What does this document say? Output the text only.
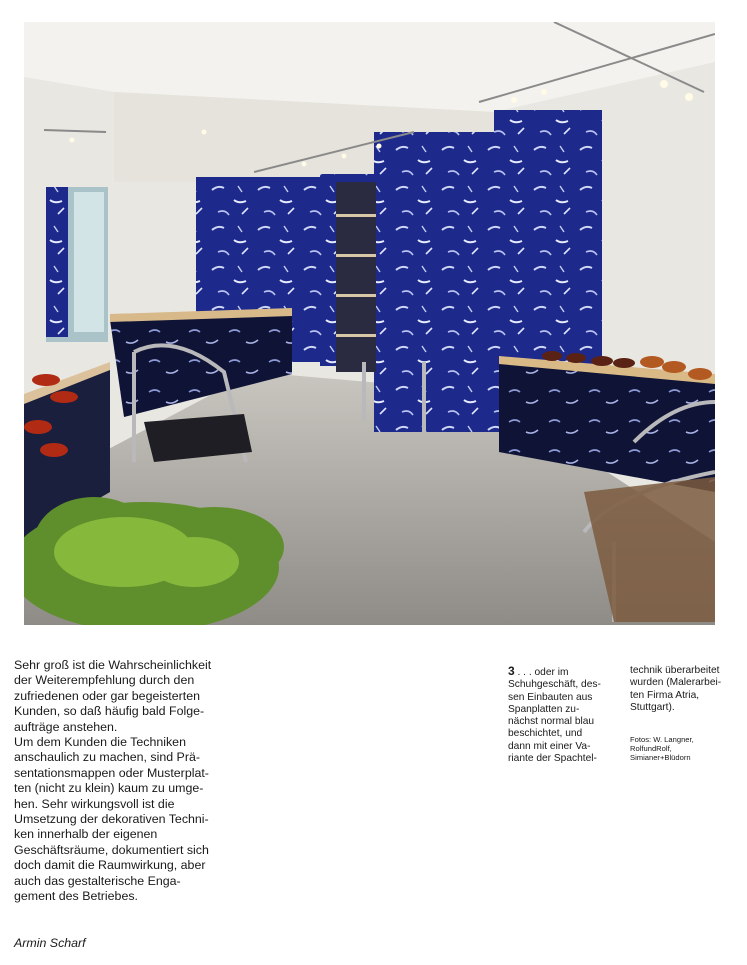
Sehr groß ist die Wahrscheinlichkeit
der Weiterempfehlung durch den
zufriedenen oder gar begeisterten
Kunden, so daß häufig bald Folge-
aufträge anstehen.
Um dem Kunden die Techniken
anschaulich zu machen, sind Prä-
sentationsmappen oder Musterplat-
ten (nicht zu klein) kaum zu umge-
hen. Sehr wirkungsvoll ist die
Umsetzung der dekorativen Techni-
ken innerhalb der eigenen
Geschäftsräume, dokumentiert sich
doch damit die Raumwirkung, aber
auch das gestalterische Enga-
gement des Betriebes.
Armin Scharf
3 . . . oder im
Schuhgeschäft, des-
sen Einbauten aus
Spanplatten zu-
nächst normal blau
beschichtet, und
dann mit einer Va-
riante der Spachtel-
technik überarbeitet
wurden (Malerarbei-
ten Firma Atria,
Stuttgart).
Fotos: W. Langner,
RolfundRolf,
Simianer+Blüdorn
